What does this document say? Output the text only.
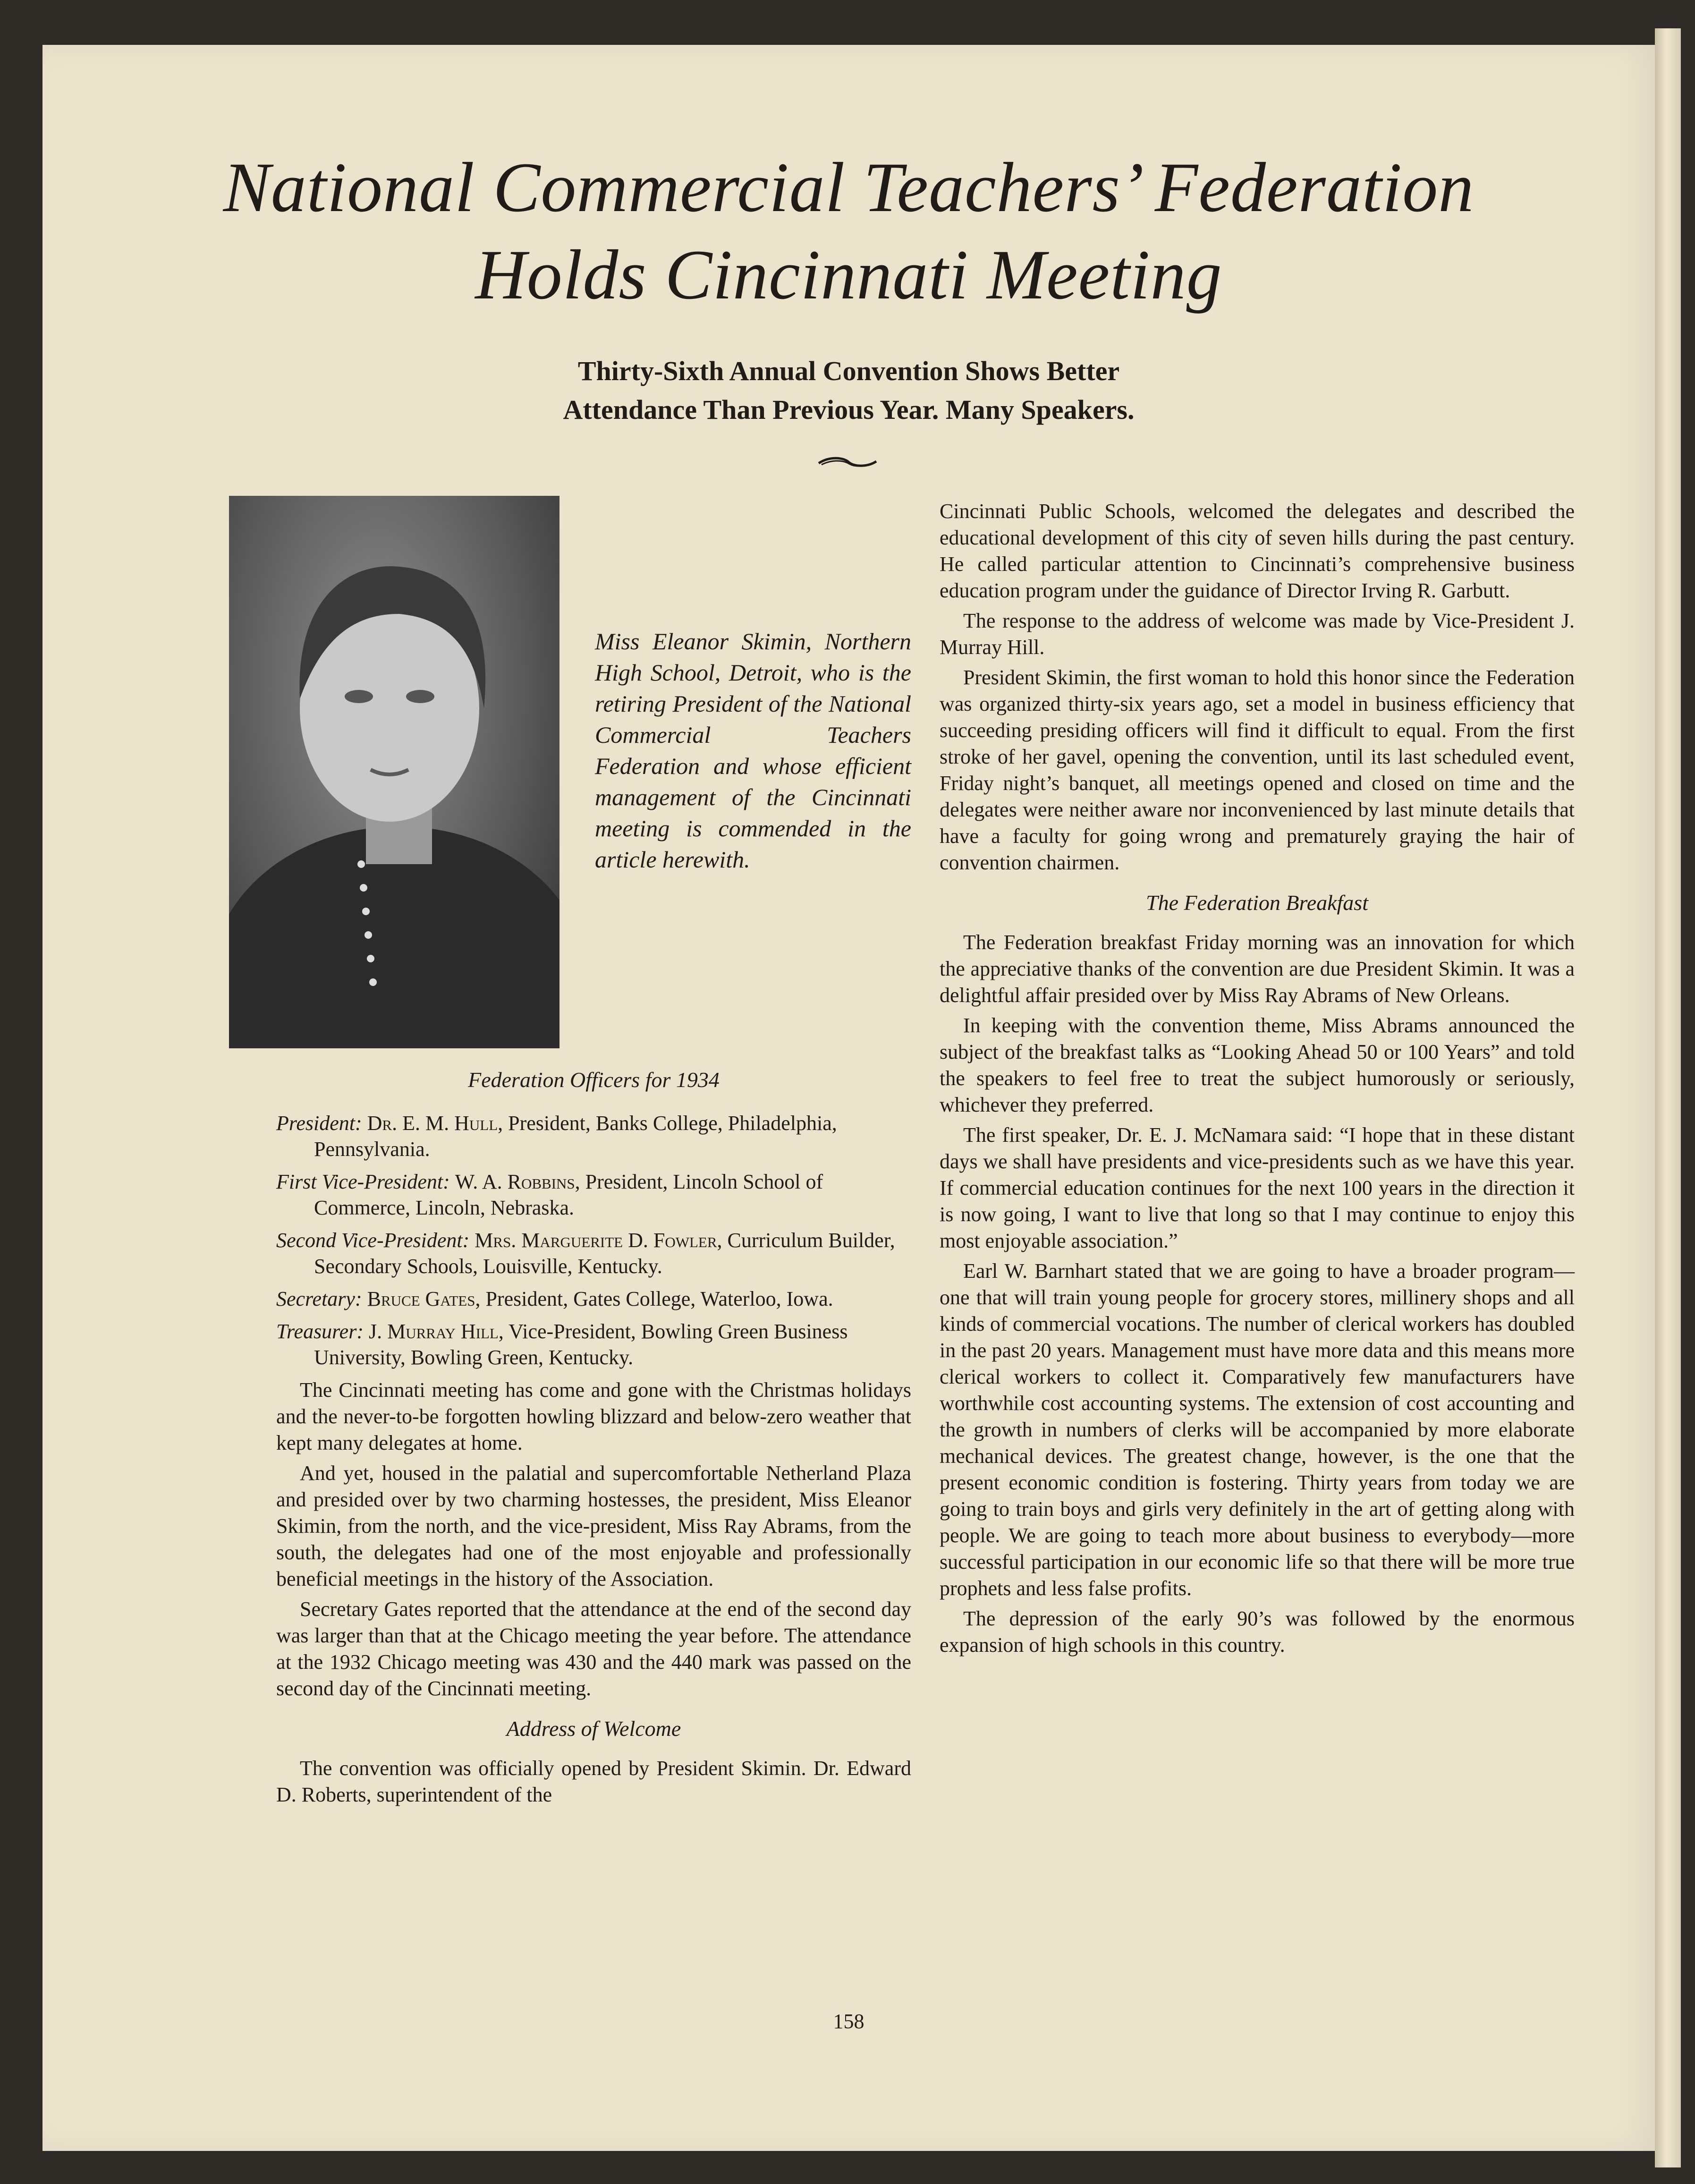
National Commercial Teachers’ Federation
Holds Cincinnati Meeting
Thirty-Sixth Annual Convention Shows Better
Attendance Than Previous Year. Many Speakers.

Miss Eleanor Skimin, Northern High School, Detroit, who is the retiring President of the National Commercial Teachers Federation and whose efficient management of the Cincinnati meeting is commended in the article herewith.

Federation Officers for 1934
President: Dr. E. M. Hull, President, Banks College, Philadelphia, Pennsylvania.
First Vice-President: W. A. Robbins, President, Lincoln School of Commerce, Lincoln, Nebraska.
Second Vice-President: Mrs. Marguerite D. Fowler, Curriculum Builder, Secondary Schools, Louisville, Kentucky.
Secretary: Bruce Gates, President, Gates College, Waterloo, Iowa.
Treasurer: J. Murray Hill, Vice-President, Bowling Green Business University, Bowling Green, Kentucky.

The Cincinnati meeting has come and gone with the Christmas holidays and the never-to-be forgotten howling blizzard and below-zero weather that kept many delegates at home.

And yet, housed in the palatial and supercomfortable Netherland Plaza and presided over by two charming hostesses, the president, Miss Eleanor Skimin, from the north, and the vice-president, Miss Ray Abrams, from the south, the delegates had one of the most enjoyable and professionally beneficial meetings in the history of the Association.

Secretary Gates reported that the attendance at the end of the second day was larger than that at the Chicago meeting the year before. The attendance at the 1932 Chicago meeting was 430 and the 440 mark was passed on the second day of the Cincinnati meeting.

Address of Welcome

The convention was officially opened by President Skimin. Dr. Edward D. Roberts, superintendent of the

Cincinnati Public Schools, welcomed the delegates and described the educational development of this city of seven hills during the past century. He called particular attention to Cincinnati’s comprehensive business education program under the guidance of Director Irving R. Garbutt.

The response to the address of welcome was made by Vice-President J. Murray Hill.

President Skimin, the first woman to hold this honor since the Federation was organized thirty-six years ago, set a model in business efficiency that succeeding presiding officers will find it difficult to equal. From the first stroke of her gavel, opening the convention, until its last scheduled event, Friday night’s banquet, all meetings opened and closed on time and the delegates were neither aware nor inconvenienced by last minute details that have a faculty for going wrong and prematurely graying the hair of convention chairmen.

The Federation Breakfast

The Federation breakfast Friday morning was an innovation for which the appreciative thanks of the convention are due President Skimin. It was a delightful affair presided over by Miss Ray Abrams of New Orleans.

In keeping with the convention theme, Miss Abrams announced the subject of the breakfast talks as “Looking Ahead 50 or 100 Years” and told the speakers to feel free to treat the subject humorously or seriously, whichever they preferred.

The first speaker, Dr. E. J. McNamara said: “I hope that in these distant days we shall have presidents and vice-presidents such as we have this year. If commercial education continues for the next 100 years in the direction it is now going, I want to live that long so that I may continue to enjoy this most enjoyable association.”

Earl W. Barnhart stated that we are going to have a broader program—one that will train young people for grocery stores, millinery shops and all kinds of commercial vocations. The number of clerical workers has doubled in the past 20 years. Management must have more data and this means more clerical workers to collect it. Comparatively few manufacturers have worthwhile cost accounting systems. The extension of cost accounting and the growth in numbers of clerks will be accompanied by more elaborate mechanical devices. The greatest change, however, is the one that the present economic condition is fostering. Thirty years from today we are going to train boys and girls very definitely in the art of getting along with people. We are going to teach more about business to everybody—more successful participation in our economic life so that there will be more true prophets and less false profits.

The depression of the early 90’s was followed by the enormous expansion of high schools in this country.

158
